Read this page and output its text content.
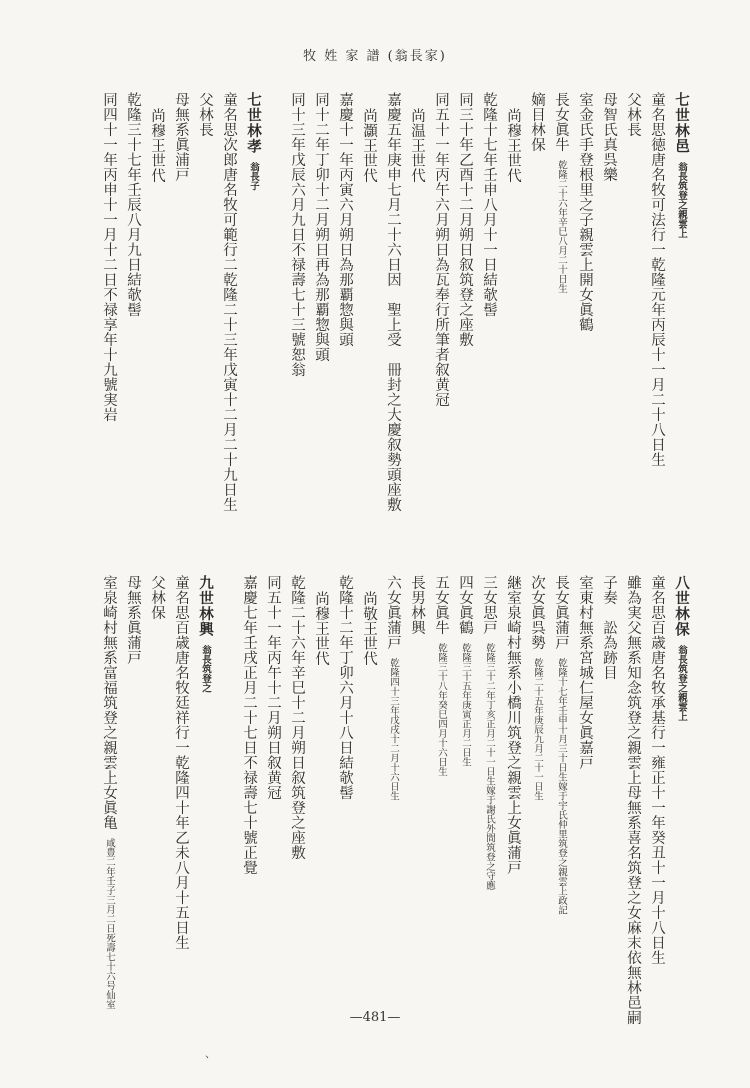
牧 姓 家 譜 (翁長家)
七世林邑翁長筑登之親雲上
童名思徳唐名牧可法行一乾隆元年丙辰十一月二十八日生
父林長
母智氏真呉樂
室金氏手登根里之子親雲上開女眞鶴
長女眞牛乾隆二十六年辛巳八月二十日生
嫡目林保
尚穆王世代
乾隆十七年壬申八月十一日結欹髻
同三十年乙酉十二月朔日叙筑登之座敷
同五十一年丙午六月朔日為瓦奉行所筆者叙黄冠
尚温王世代
嘉慶五年庚申七月二十六日因　聖上受　冊封之大慶叙勢頭座敷
尚灝王世代
嘉慶十一年丙寅六月朔日為那覇惣與頭
同十二年丁卯十二月朔日再為那覇惣與頭
同十三年戊辰六月九日不禄壽七十三號恕翁
七世林孝翁長子
童名思次郎唐名牧可範行二乾隆二十三年戊寅十二月二十九日生
父林長
母無系眞浦戸
尚穆王世代
乾隆三十七年壬辰八月九日結欹髻
同四十一年丙申十一月十二日不禄享年十九號実岩
八世林保翁長筑登之親雲上
童名思百歳唐名牧承基行一雍正十一年癸丑十一月十八日生
雖為実父無系知念筑登之親雲上母無系喜名筑登之女麻末依無林邑嗣
子奏　訟為跡目
室東村無系宮城仁屋女眞嘉戸
長女眞蒲戸乾隆十七年壬申十月三十日生嫁于宇氏仲里筑登之親雲上政記
次女眞呉勢乾隆二十五年庚辰九月二十一日生
継室泉崎村無系小橋川筑登之親雲上女眞蒲戸
三女思戸乾隆三十二年丁亥正月二十一日生嫁于謝氏外間筑登之守應
四女眞鶴乾隆三十五年庚寅正月二日生
五女眞牛乾隆三十八年癸巳四月十六日生
長男林興
六女眞蒲戸乾隆四十三年戊戌十二月十六日生
尚敬王世代
乾隆十二年丁卯六月十八日結欹髻
尚穆王世代
乾隆二十六年辛巳十二月朔日叙筑登之座敷
同五十一年丙午十二月朔日叙黄冠
嘉慶七年壬戌正月二十七日不禄壽七十號正覺
九世林興翁長筑登之
童名思百歳唐名牧廷祥行一乾隆四十年乙未八月十五日生
父林保
母無系眞蒲戸
室泉崎村無系富福筑登之親雲上女眞亀咸豊二年壬子三月二日死壽七十六号仙室
—481—
、
